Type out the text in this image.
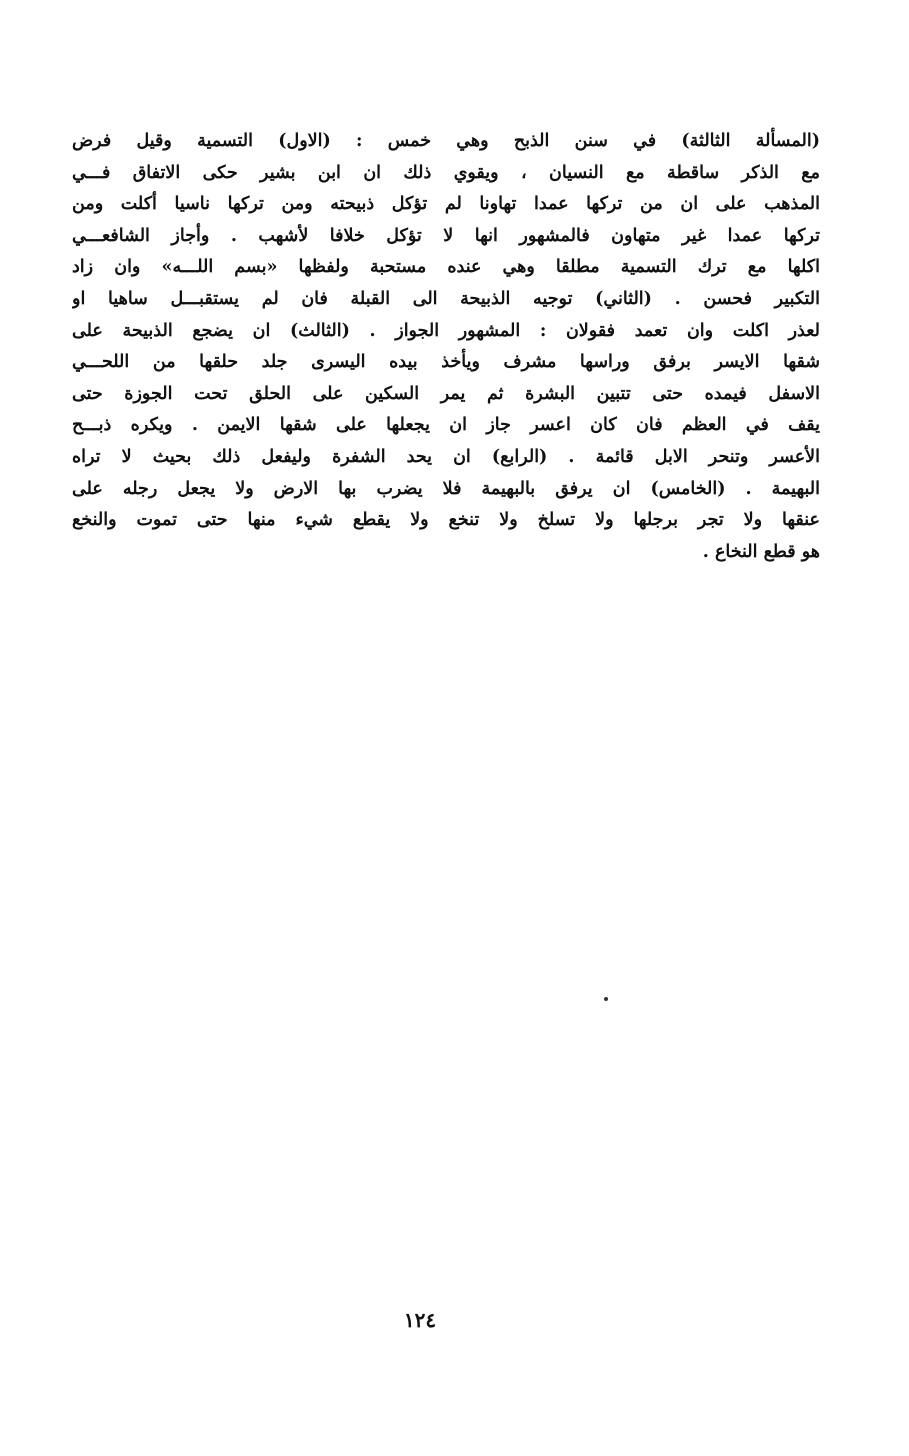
(المسألة الثالثة) في سنن الذبح وهي خمس : (الاول) التسمية وقيل فرض
مع الذكر ساقطة مع النسيان ، ويقوي ذلك ان ابن بشير حكى الاتفاق فـــي
المذهب على ان من تركها عمدا تهاونا لم تؤكل ذبيحته ومن تركها ناسيا أكلت ومن
تركها عمدا غير متهاون فالمشهور انها لا تؤكل خلافا لأشهب . وأجاز الشافعـــي
اكلها مع ترك التسمية مطلقا وهي عنده مستحبة ولفظها «بسم اللـــه» وان زاد
التكبير فحسن . (الثاني) توجيه الذبيحة الى القبلة فان لم يستقبـــل ساهيا او
لعذر اكلت وان تعمد فقولان : المشهور الجواز . (الثالث) ان يضجع الذبيحة على
شقها الايسر برفق وراسها مشرف ويأخذ بيده اليسرى جلد حلقها من اللحـــي
الاسفل فيمده حتى تتبين البشرة ثم يمر السكين على الحلق تحت الجوزة حتى
يقف في العظم فان كان اعسر جاز ان يجعلها على شقها الايمن . ويكره ذبـــح
الأعسر وتنحر الابل قائمة . (الرابع) ان يحد الشفرة وليفعل ذلك بحيث لا تراه
البهيمة . (الخامس) ان يرفق بالبهيمة فلا يضرب بها الارض ولا يجعل رجله على
عنقها ولا تجر برجلها ولا تسلخ ولا تنخع ولا يقطع شيء منها حتى تموت والنخع
هو قطع النخاع .
١٢٤
